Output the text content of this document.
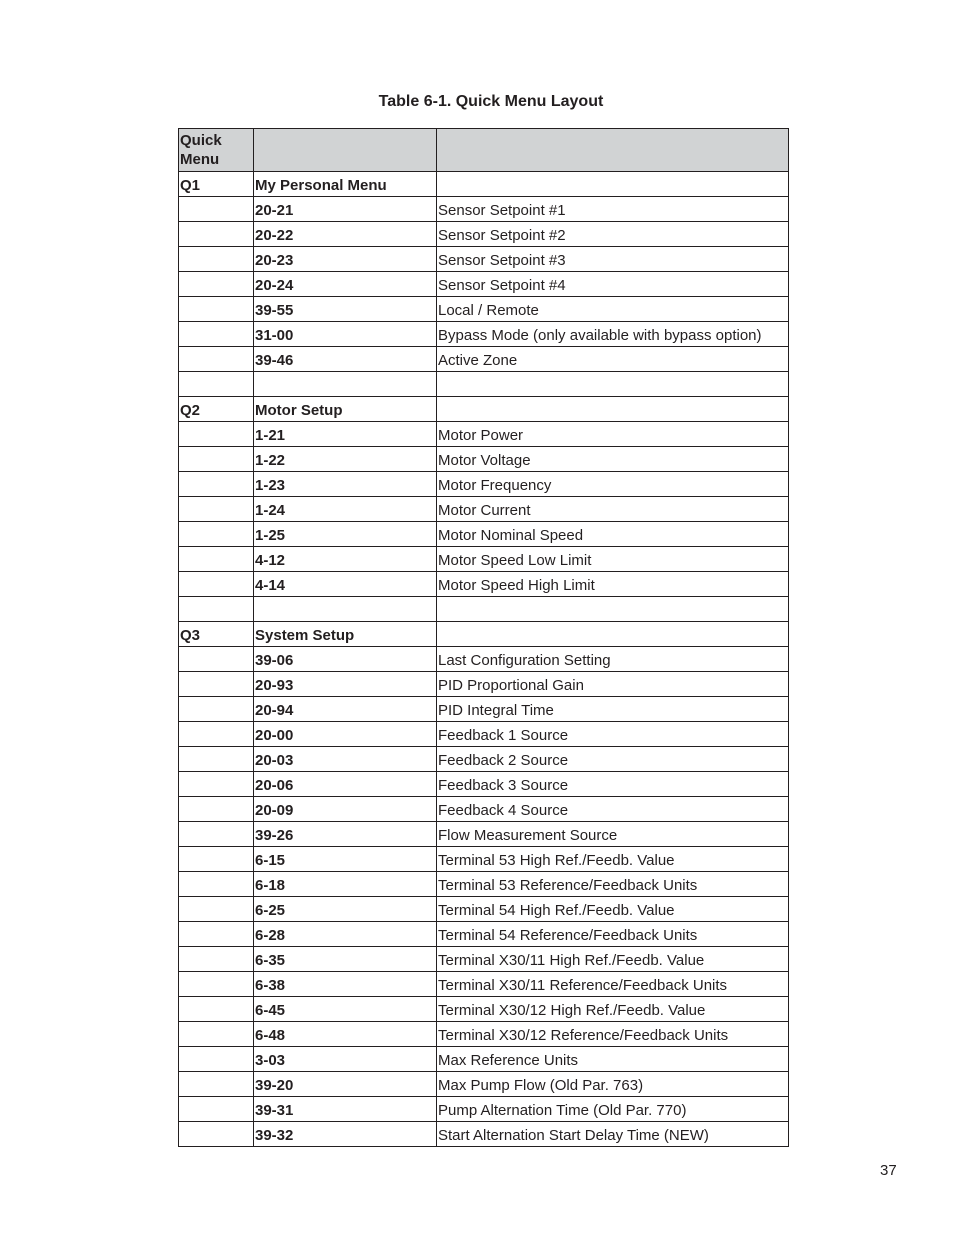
Table 6-1. Quick Menu Layout
Quick Menu		
Q1	My Personal Menu	
	20-21	Sensor Setpoint #1
	20-22	Sensor Setpoint #2
	20-23	Sensor Setpoint #3
	20-24	Sensor Setpoint #4
	39-55	Local / Remote
	31-00	Bypass Mode (only available with bypass option)
	39-46	Active Zone

Q2	Motor Setup	
	1-21	Motor Power
	1-22	Motor Voltage
	1-23	Motor Frequency
	1-24	Motor Current
	1-25	Motor Nominal Speed
	4-12	Motor Speed Low Limit
	4-14	Motor Speed High Limit

Q3	System Setup	
	39-06	Last Configuration Setting
	20-93	PID Proportional Gain
	20-94	PID Integral Time
	20-00	Feedback 1 Source
	20-03	Feedback 2 Source
	20-06	Feedback 3 Source
	20-09	Feedback 4 Source
	39-26	Flow Measurement Source
	6-15	Terminal 53 High Ref./Feedb. Value
	6-18	Terminal 53 Reference/Feedback Units
	6-25	Terminal 54 High Ref./Feedb. Value
	6-28	Terminal 54 Reference/Feedback Units
	6-35	Terminal X30/11 High Ref./Feedb. Value
	6-38	Terminal X30/11 Reference/Feedback Units
	6-45	Terminal X30/12 High Ref./Feedb. Value
	6-48	Terminal X30/12 Reference/Feedback Units
	3-03	Max Reference Units
	39-20	Max Pump Flow (Old Par. 763)
	39-31	Pump Alternation Time (Old Par. 770)
	39-32	Start Alternation Start Delay Time (NEW)
37
